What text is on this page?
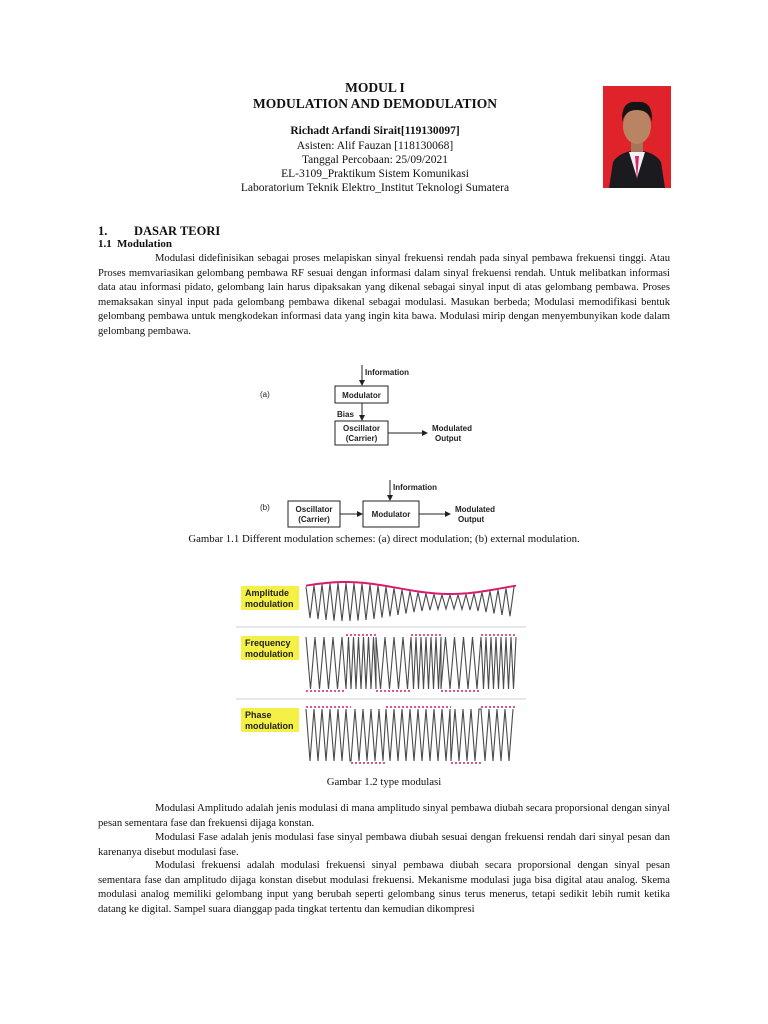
MODUL I
MODULATION AND DEMODULATION
Richadt Arfandi Sirait[119130097]
Asisten: Alif Fauzan [118130068]
Tanggal Percobaan: 25/09/2021
EL-3109_Praktikum Sistem Komunikasi
Laboratorium Teknik Elektro_Institut Teknologi Sumatera
1. DASAR TEORI
1.1 Modulation
Modulasi didefinisikan sebagai proses melapiskan sinyal frekuensi rendah pada sinyal pembawa frekuensi tinggi. Atau Proses memvariasikan gelombang pembawa RF sesuai dengan informasi dalam sinyal frekuensi rendah. Untuk melibatkan informasi data atau informasi pidato, gelombang lain harus dipaksakan yang dikenal sebagai sinyal input di atas gelombang pembawa. Proses memaksakan sinyal input pada gelombang pembawa dikenal sebagai modulasi. Masukan berbeda; Modulasi memodifikasi bentuk gelombang pembawa untuk mengkodekan informasi data yang ingin kita bawa. Modulasi mirip dengan menyembunyikan kode dalam gelombang pembawa.
(a)
Information
Modulator
Bias
Oscillator
(Carrier)
Modulated
Output
(b)
Information
Oscillator
(Carrier)
Modulator
Modulated
Output
Gambar 1.1 Different modulation schemes: (a) direct modulation; (b) external modulation.
Amplitude
modulation
Frequency
modulation
Phase
modulation
Gambar 1.2 type modulasi
Modulasi Amplitudo adalah jenis modulasi di mana amplitudo sinyal pembawa diubah secara proporsional dengan sinyal pesan sementara fase dan frekuensi dijaga konstan.
Modulasi Fase adalah jenis modulasi fase sinyal pembawa diubah sesuai dengan frekuensi rendah dari sinyal pesan dan karenanya disebut modulasi fase.
Modulasi frekuensi adalah modulasi frekuensi sinyal pembawa diubah secara proporsional dengan sinyal pesan sementara fase dan amplitudo dijaga konstan disebut modulasi frekuensi. Mekanisme modulasi juga bisa digital atau analog. Skema modulasi analog memiliki gelombang input yang berubah seperti gelombang sinus terus menerus, tetapi sedikit lebih rumit ketika datang ke digital. Sampel suara dianggap pada tingkat tertentu dan kemudian dikompresi
